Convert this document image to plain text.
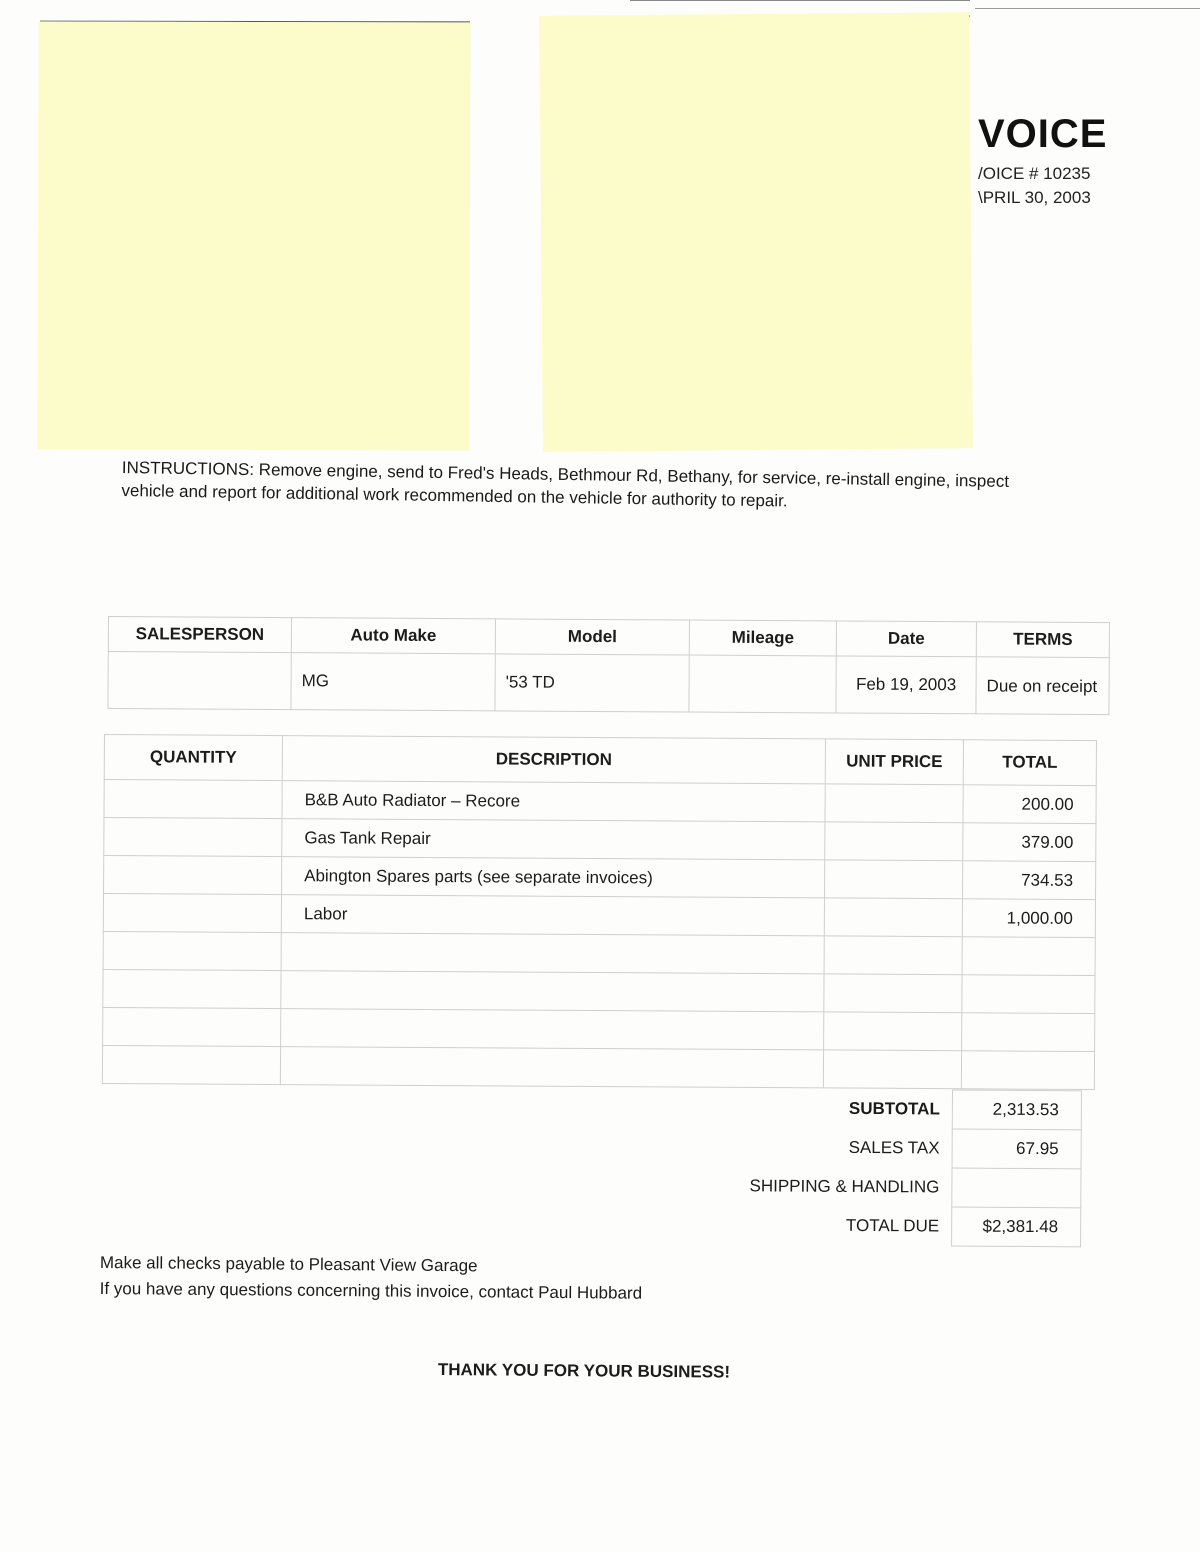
VOICE
/OICE # 10235
\PRIL 30, 2003
INSTRUCTIONS: Remove engine, send to Fred's Heads, Bethmour Rd, Bethany, for service, re-install engine, inspect vehicle and report for additional work recommended on the vehicle for authority to repair.
SALESPERSON	Auto Make	Model	Mileage	Date	TERMS
	MG	'53 TD		Feb 19, 2003	Due on receipt
QUANTITY	DESCRIPTION	UNIT PRICE	TOTAL
	B&B Auto Radiator – Recore		200.00
	Gas Tank Repair		379.00
	Abington Spares parts (see separate invoices)		734.53
	Labor		1,000.00

SUBTOTAL	2,313.53
SALES TAX	67.95
SHIPPING & HANDLING	
TOTAL DUE	$2,381.48
Make all checks payable to Pleasant View Garage
If you have any questions concerning this invoice, contact Paul Hubbard
THANK YOU FOR YOUR BUSINESS!
